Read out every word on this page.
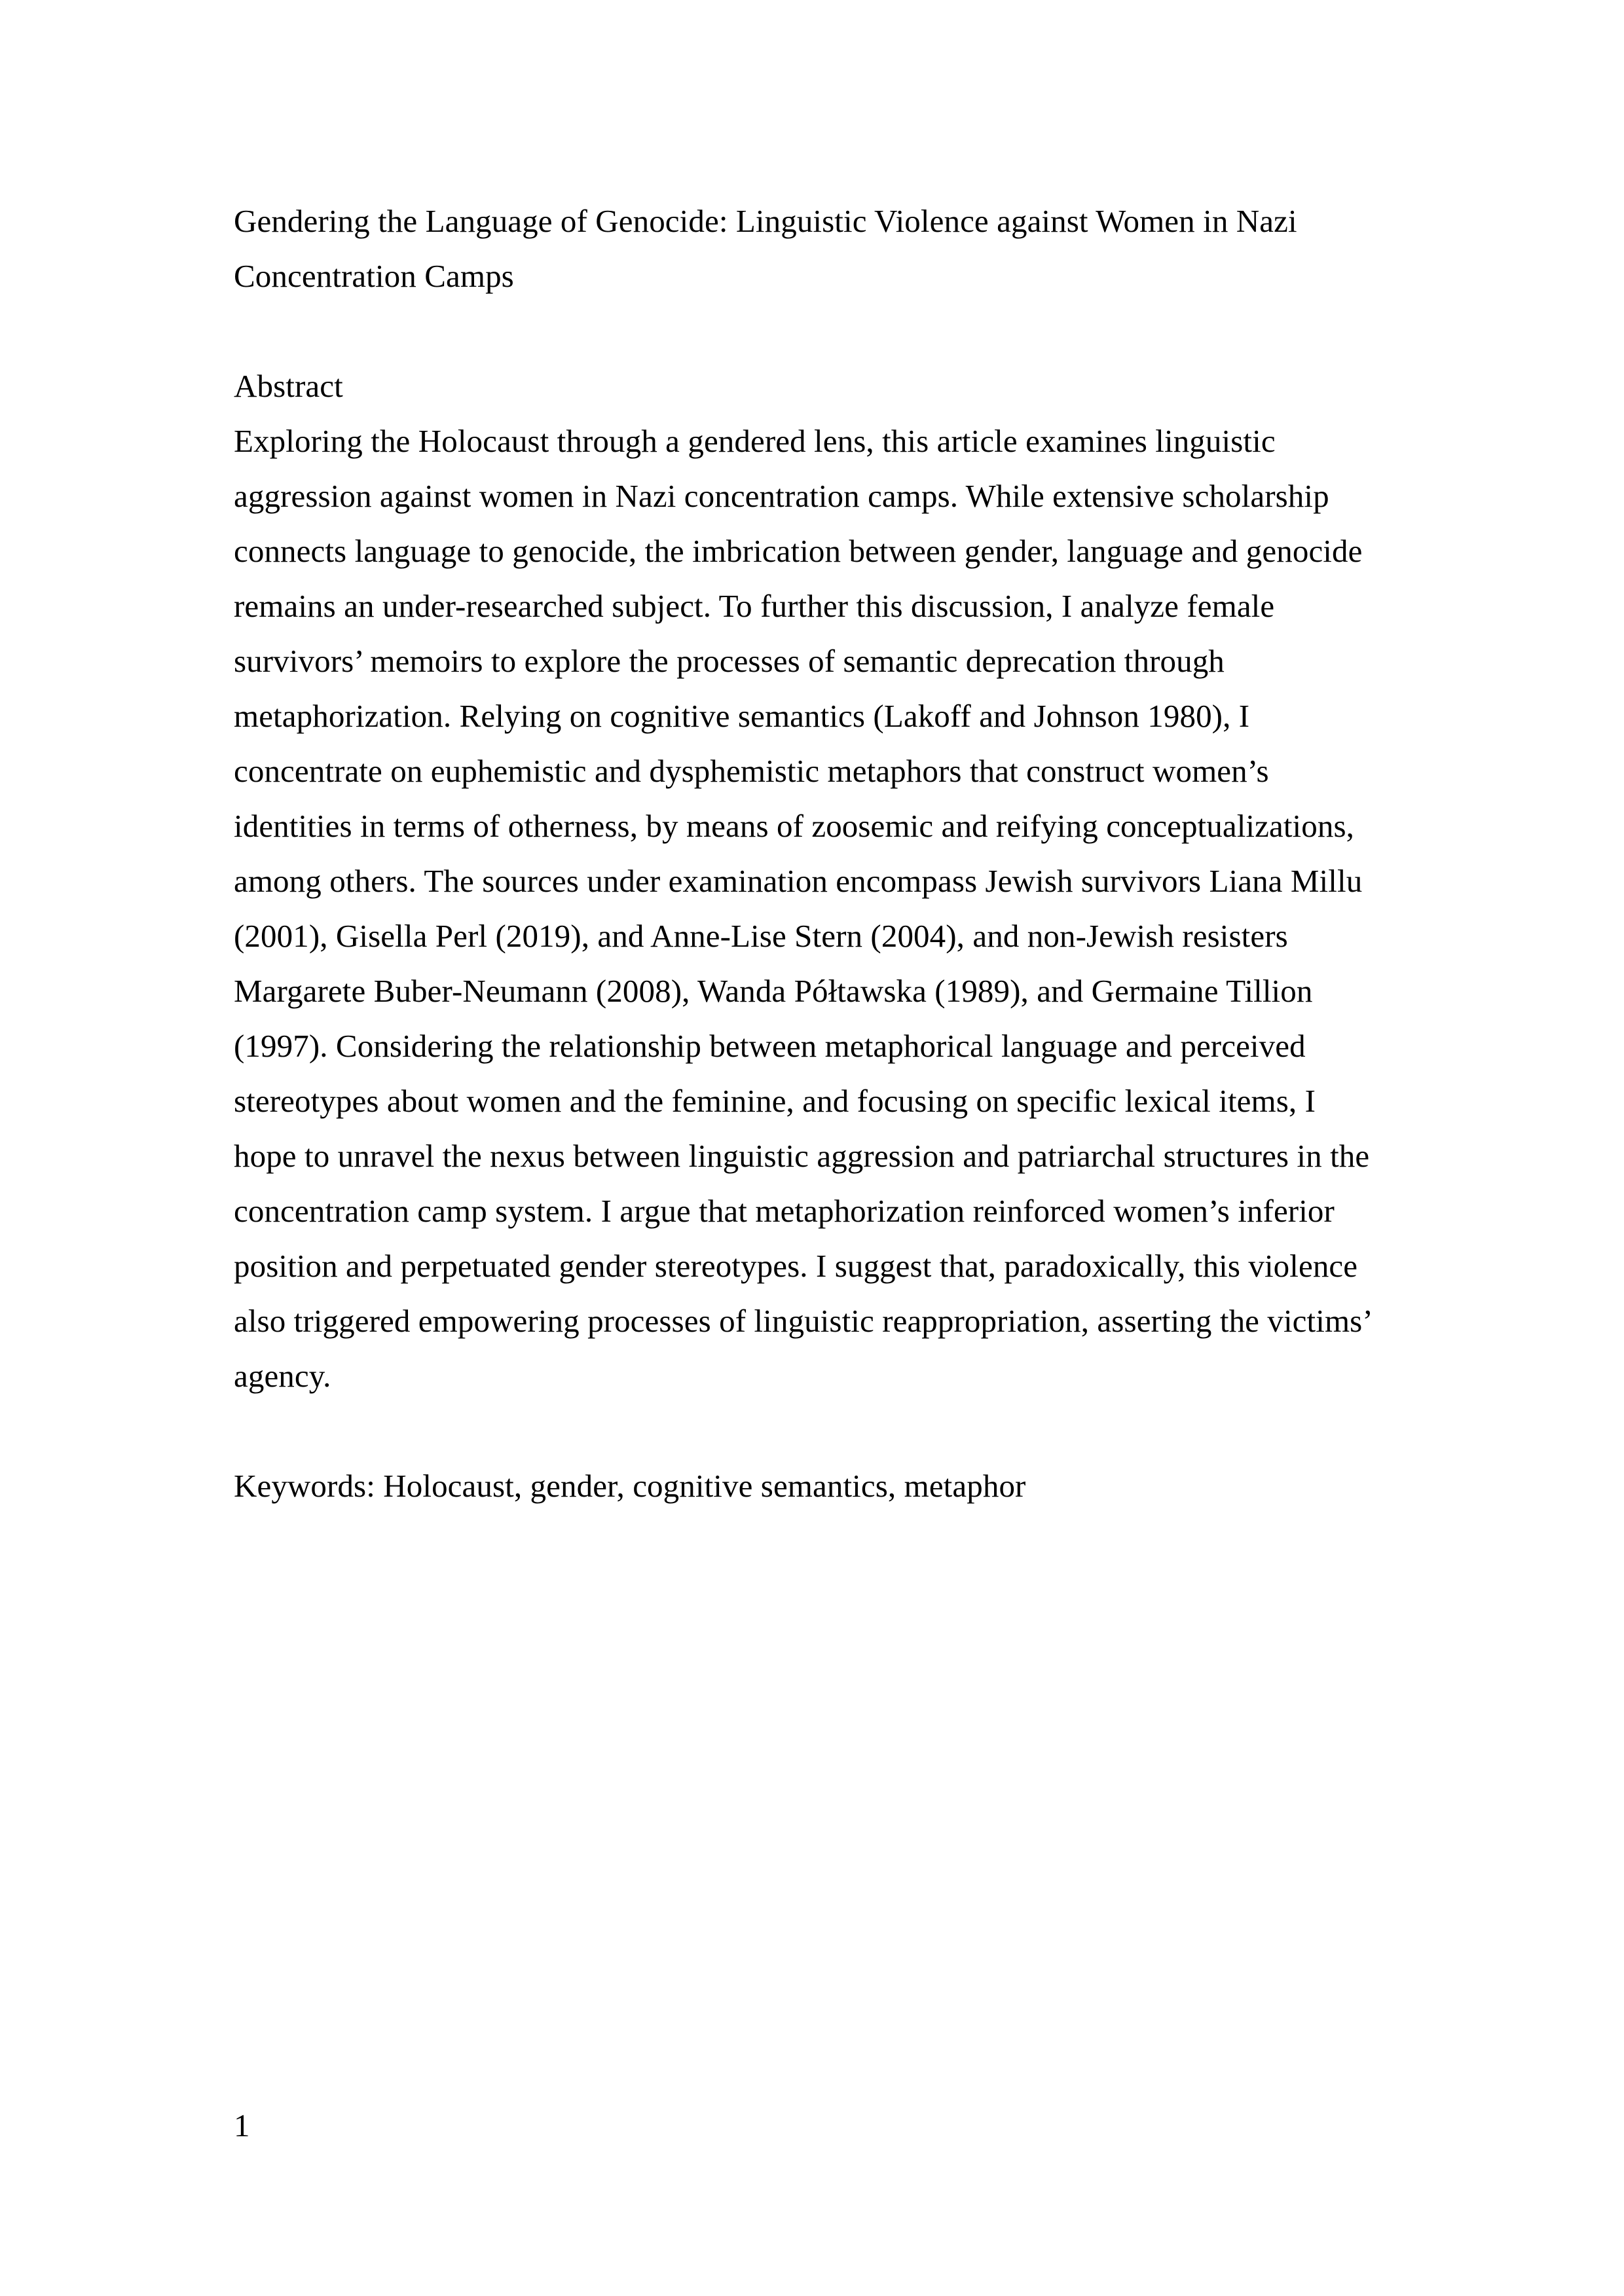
Gendering the Language of Genocide: Linguistic Violence against Women in Nazi
Concentration Camps
Abstract
Exploring the Holocaust through a gendered lens, this article examines linguistic
aggression against women in Nazi concentration camps. While extensive scholarship
connects language to genocide, the imbrication between gender, language and genocide
remains an under-researched subject. To further this discussion, I analyze female
survivors’ memoirs to explore the processes of semantic deprecation through
metaphorization. Relying on cognitive semantics (Lakoff and Johnson 1980), I
concentrate on euphemistic and dysphemistic metaphors that construct women’s
identities in terms of otherness, by means of zoosemic and reifying conceptualizations,
among others. The sources under examination encompass Jewish survivors Liana Millu
(2001), Gisella Perl (2019), and Anne-Lise Stern (2004), and non-Jewish resisters
Margarete Buber-Neumann (2008), Wanda Półtawska (1989), and Germaine Tillion
(1997). Considering the relationship between metaphorical language and perceived
stereotypes about women and the feminine, and focusing on specific lexical items, I
hope to unravel the nexus between linguistic aggression and patriarchal structures in the
concentration camp system. I argue that metaphorization reinforced women’s inferior
position and perpetuated gender stereotypes. I suggest that, paradoxically, this violence
also triggered empowering processes of linguistic reappropriation, asserting the victims’
agency.
Keywords: Holocaust, gender, cognitive semantics, metaphor
1
